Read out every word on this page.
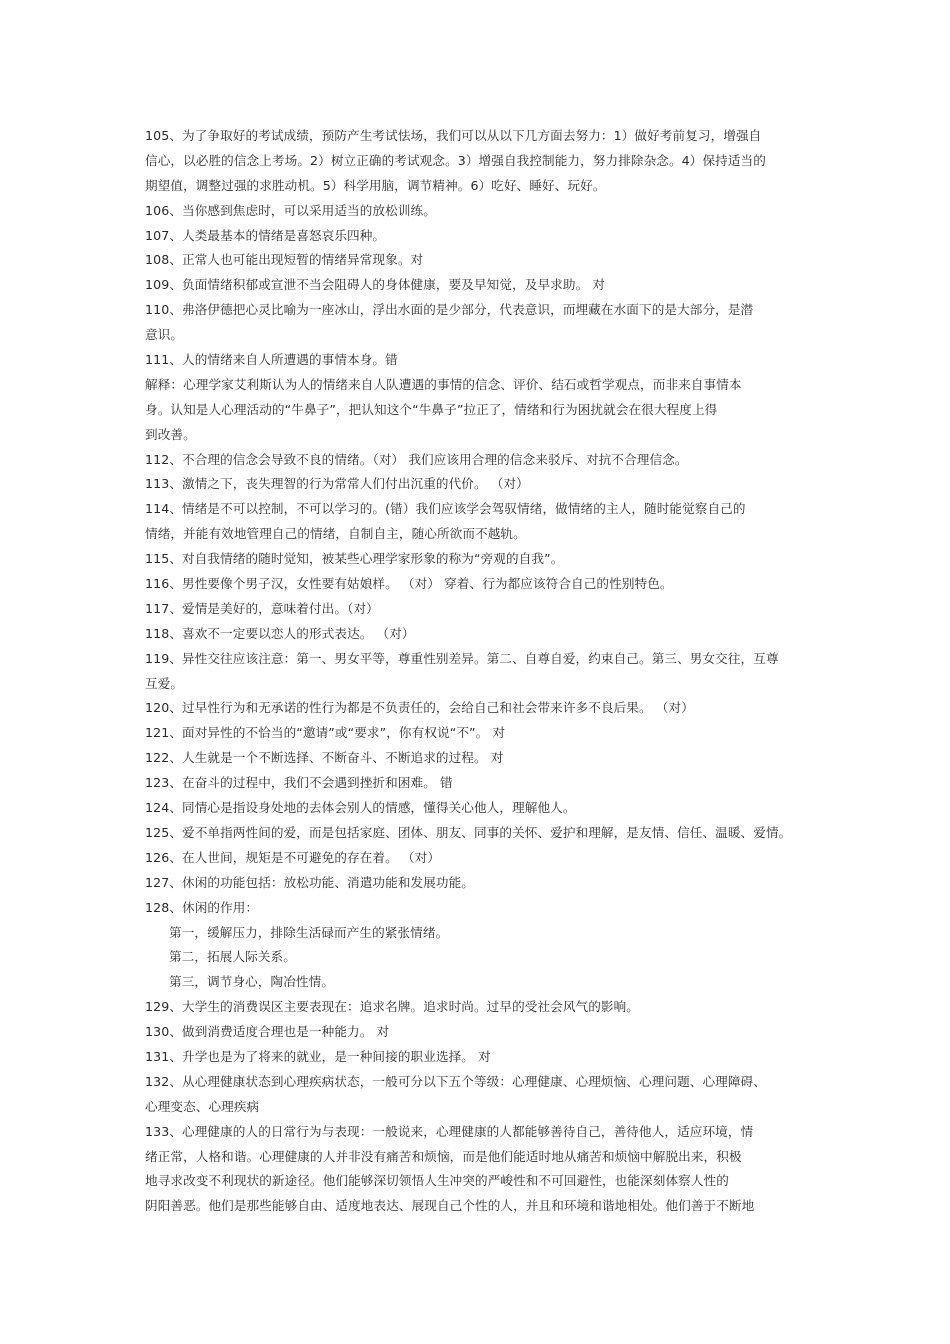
105、为了争取好的考试成绩，预防产生考试怯场，我们可以从以下几方面去努力：1）做好考前复习，增强自
信心，以必胜的信念上考场。2）树立正确的考试观念。3）增强自我控制能力，努力排除杂念。4）保持适当的
期望值，调整过强的求胜动机。5）科学用脑，调节精神。6）吃好、睡好、玩好。
106、当你感到焦虑时，可以采用适当的放松训练。
107、人类最基本的情绪是喜怒哀乐四种。
108、正常人也可能出现短暂的情绪异常现象。对
109、负面情绪积郁或宣泄不当会阻碍人的身体健康，要及早知觉，及早求助。 对
110、弗洛伊德把心灵比喻为一座冰山，浮出水面的是少部分，代表意识，而埋藏在水面下的是大部分，是潜
意识。
111、人的情绪来自人所遭遇的事情本身。错
解释：心理学家艾利斯认为人的情绪来自人队遭遇的事情的信念、评价、结石或哲学观点，而非来自事情本
身。认知是人心理活动的“牛鼻子”，把认知这个“牛鼻子”拉正了，情绪和行为困扰就会在很大程度上得
到改善。
112、不合理的信念会导致不良的情绪。（对） 我们应该用合理的信念来驳斥、对抗不合理信念。
113、激情之下，丧失理智的行为常常人们付出沉重的代价。 （对）
114、情绪是不可以控制，不可以学习的。(错）我们应该学会驾驭情绪，做情绪的主人，随时能觉察自己的
情绪，并能有效地管理自己的情绪，自制自主，随心所欲而不越轨。
115、对自我情绪的随时觉知，被某些心理学家形象的称为“旁观的自我”。
116、男性要像个男子汉，女性要有姑娘样。 （对） 穿着、行为都应该符合自己的性别特色。
117、爱情是美好的，意味着付出。（对）
118、喜欢不一定要以恋人的形式表达。 （对）
119、异性交往应该注意：第一、男女平等，尊重性别差异。第二、自尊自爱，约束自己。第三、男女交往，互尊
互爱。
120、过早性行为和无承诺的性行为都是不负责任的，会给自己和社会带来许多不良后果。 （对）
121、面对异性的不恰当的“邀请”或“要求”，你有权说“不”。 对
122、人生就是一个不断选择、不断奋斗、不断追求的过程。 对
123、在奋斗的过程中，我们不会遇到挫折和困难。 错
124、同情心是指设身处地的去体会别人的情感，懂得关心他人，理解他人。
125、爱不单指两性间的爱，而是包括家庭、团体、朋友、同事的关怀、爱护和理解，是友情、信任、温暖、爱情。
126、在人世间，规矩是不可避免的存在着。 （对）
127、休闲的功能包括：放松功能、消遣功能和发展功能。
128、休闲的作用：
第一，缓解压力，排除生活碌而产生的紧张情绪。
第二，拓展人际关系。
第三，调节身心，陶冶性情。
129、大学生的消费误区主要表现在：追求名牌。追求时尚。过早的受社会风气的影响。
130、做到消费适度合理也是一种能力。 对
131、升学也是为了将来的就业，是一种间接的职业选择。 对
132、从心理健康状态到心理疾病状态，一般可分以下五个等级：心理健康、心理烦恼、心理问题、心理障碍、
心理变态、心理疾病
133、心理健康的人的日常行为与表现：一般说来，心理健康的人都能够善待自己，善待他人，适应环境，情
绪正常，人格和谐。心理健康的人并非没有痛苦和烦恼，而是他们能适时地从痛苦和烦恼中解脱出来，积极
地寻求改变不利现状的新途径。他们能够深切领悟人生冲突的严峻性和不可回避性，也能深刻体察人性的
阴阳善恶。他们是那些能够自由、适度地表达、展现自己个性的人，并且和环境和谐地相处。他们善于不断地
